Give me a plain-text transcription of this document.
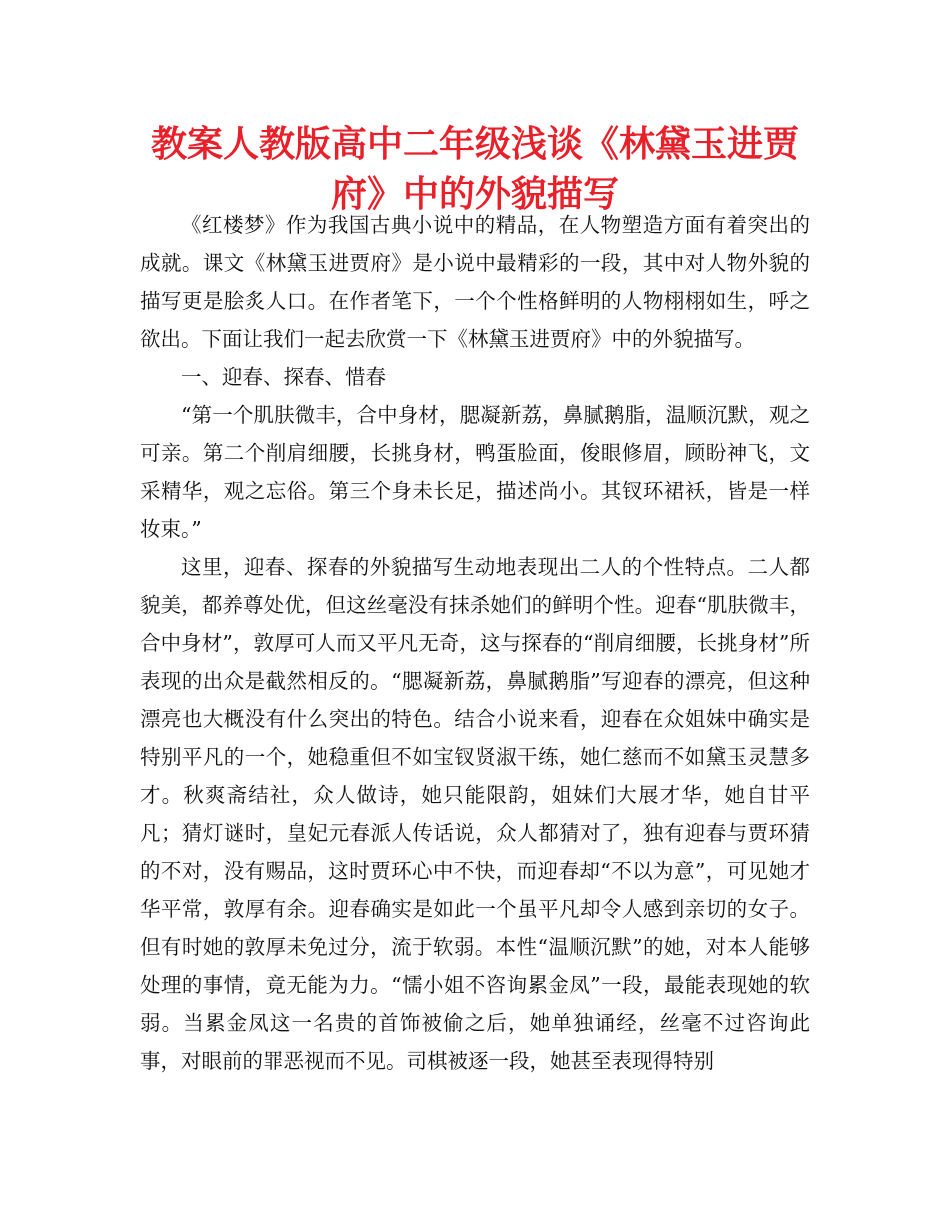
教案人教版高中二年级浅谈《林黛玉进贾府》中的外貌描写

《红楼梦》作为我国古典小说中的精品，在人物塑造方面有着突出的成就。课文《林黛玉进贾府》是小说中最精彩的一段，其中对人物外貌的描写更是脍炙人口。在作者笔下，一个个性格鲜明的人物栩栩如生，呼之欲出。下面让我们一起去欣赏一下《林黛玉进贾府》中的外貌描写。

一、迎春、探春、惜春

“第一个肌肤微丰，合中身材，腮凝新荔，鼻腻鹅脂，温顺沉默，观之可亲。第二个削肩细腰，长挑身材，鸭蛋脸面，俊眼修眉，顾盼神飞，文采精华，观之忘俗。第三个身未长足，描述尚小。其钗环裙袄，皆是一样妆束。”

这里，迎春、探春的外貌描写生动地表现出二人的个性特点。二人都貌美，都养尊处优，但这丝毫没有抹杀她们的鲜明个性。迎春“肌肤微丰，合中身材”，敦厚可人而又平凡无奇，这与探春的“削肩细腰，长挑身材”所表现的出众是截然相反的。“腮凝新荔，鼻腻鹅脂”写迎春的漂亮，但这种漂亮也大概没有什么突出的特色。结合小说来看，迎春在众姐妹中确实是特别平凡的一个，她稳重但不如宝钗贤淑干练，她仁慈而不如黛玉灵慧多才。秋爽斋结社，众人做诗，她只能限韵，姐妹们大展才华，她自甘平凡；猜灯谜时，皇妃元春派人传话说，众人都猜对了，独有迎春与贾环猜的不对，没有赐品，这时贾环心中不快，而迎春却“不以为意”，可见她才华平常，敦厚有余。迎春确实是如此一个虽平凡却令人感到亲切的女子。但有时她的敦厚未免过分，流于软弱。本性“温顺沉默”的她，对本人能够处理的事情，竟无能为力。“懦小姐不咨询累金凤”一段，最能表现她的软弱。当累金凤这一名贵的首饰被偷之后，她单独诵经，丝毫不过咨询此事，对眼前的罪恶视而不见。司棋被逐一段，她甚至表现得特别
